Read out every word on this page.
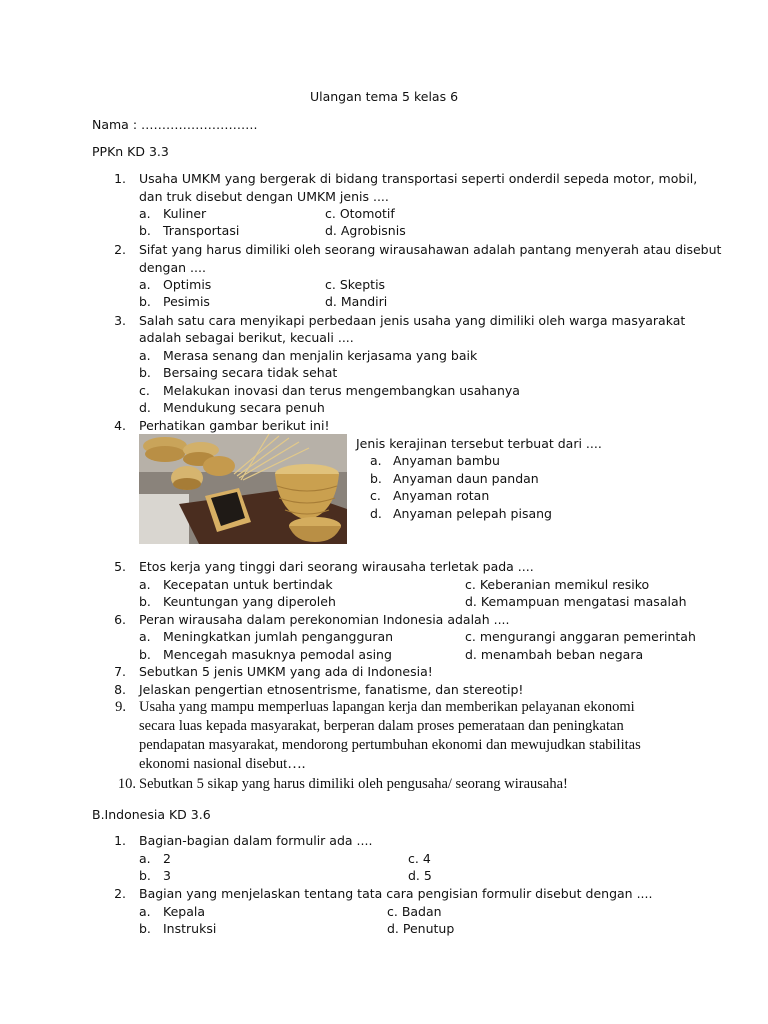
Ulangan tema 5 kelas 6
Nama : ……………………….
PPKn KD 3.3
1. Usaha UMKM yang bergerak di bidang transportasi seperti onderdil sepeda motor, mobil,
dan truk disebut dengan UMKM jenis ....
a. Kuliner	c. Otomotif
b. Transportasi	d. Agrobisnis
2. Sifat yang harus dimiliki oleh seorang wirausahawan adalah pantang menyerah atau disebut
dengan ....
a. Optimis	c. Skeptis
b. Pesimis	d. Mandiri
3. Salah satu cara menyikapi perbedaan jenis usaha yang dimiliki oleh warga masyarakat
adalah sebagai berikut, kecuali ....
a. Merasa senang dan menjalin kerjasama yang baik
b. Bersaing secara tidak sehat
c. Melakukan inovasi dan terus mengembangkan usahanya
d. Mendukung secara penuh
4. Perhatikan gambar berikut ini!
Jenis kerajinan tersebut terbuat dari ....
a. Anyaman bambu
b. Anyaman daun pandan
c. Anyaman rotan
d. Anyaman pelepah pisang
5. Etos kerja yang tinggi dari seorang wirausaha terletak pada ....
a. Kecepatan untuk bertindak	c. Keberanian memikul resiko
b. Keuntungan yang diperoleh	d. Kemampuan mengatasi masalah
6. Peran wirausaha dalam perekonomian Indonesia adalah ....
a. Meningkatkan jumlah pengangguran	c. mengurangi anggaran pemerintah
b. Mencegah masuknya pemodal asing	d. menambah beban negara
7. Sebutkan 5 jenis UMKM yang ada di Indonesia!
8. Jelaskan pengertian etnosentrisme, fanatisme, dan stereotip!
9. Usaha yang mampu memperluas lapangan kerja dan memberikan pelayanan ekonomi
secara luas kepada masyarakat, berperan dalam proses pemerataan dan peningkatan
pendapatan masyarakat, mendorong pertumbuhan ekonomi dan mewujudkan stabilitas
ekonomi nasional disebut….
10. Sebutkan 5 sikap yang harus dimiliki oleh pengusaha/ seorang wirausaha!
B.Indonesia KD 3.6
1. Bagian-bagian dalam formulir ada ....
a. 2	c. 4
b. 3	d. 5
2. Bagian yang menjelaskan tentang tata cara pengisian formulir disebut dengan ....
a. Kepala	c. Badan
b. Instruksi	d. Penutup
